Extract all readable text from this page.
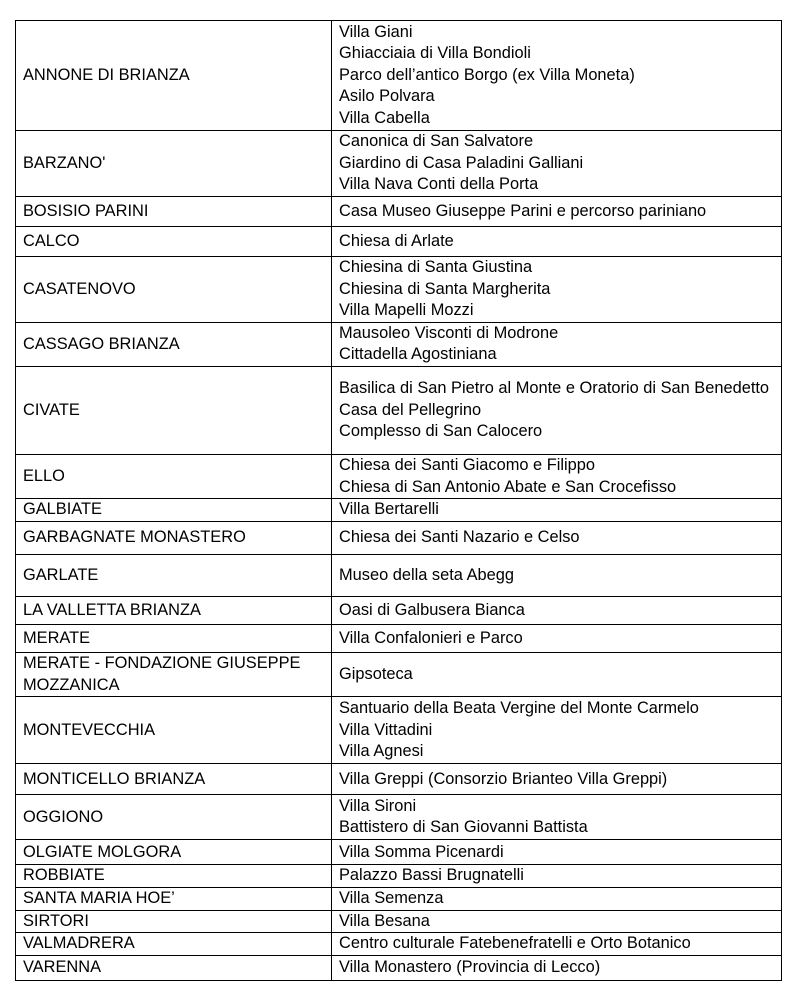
ANNONE DI BRIANZA	Villa Giani
Ghiacciaia di Villa Bondioli
Parco dell’antico Borgo (ex Villa Moneta)
Asilo Polvara
Villa Cabella

BARZANO'	Canonica di San Salvatore
Giardino di Casa Paladini Galliani
Villa Nava Conti della Porta

BOSISIO PARINI	Casa Museo Giuseppe Parini e percorso pariniano

CALCO	Chiesa di Arlate

CASATENOVO	Chiesina di Santa Giustina
Chiesina di Santa Margherita
Villa Mapelli Mozzi

CASSAGO BRIANZA	Mausoleo Visconti di Modrone
Cittadella Agostiniana

CIVATE	Basilica di San Pietro al Monte e Oratorio di San Benedetto
Casa del Pellegrino
Complesso di San Calocero

ELLO	Chiesa dei Santi Giacomo e Filippo
Chiesa di San Antonio Abate e San Crocefisso

GALBIATE	Villa Bertarelli

GARBAGNATE MONASTERO	Chiesa dei Santi Nazario e Celso

GARLATE	Museo della seta Abegg

LA VALLETTA BRIANZA	Oasi di Galbusera Bianca

MERATE	Villa Confalonieri e Parco

MERATE - FONDAZIONE GIUSEPPE MOZZANICA	Gipsoteca

MONTEVECCHIA	Santuario della Beata Vergine del Monte Carmelo
Villa Vittadini
Villa Agnesi

MONTICELLO BRIANZA	Villa Greppi (Consorzio Brianteo Villa Greppi)

OGGIONO	Villa Sironi
Battistero di San Giovanni Battista

OLGIATE MOLGORA	Villa Somma Picenardi

ROBBIATE	Palazzo Bassi Brugnatelli

SANTA MARIA HOE’	Villa Semenza

SIRTORI	Villa Besana

VALMADRERA	Centro culturale Fatebenefratelli e Orto Botanico

VARENNA	Villa Monastero (Provincia di Lecco)
